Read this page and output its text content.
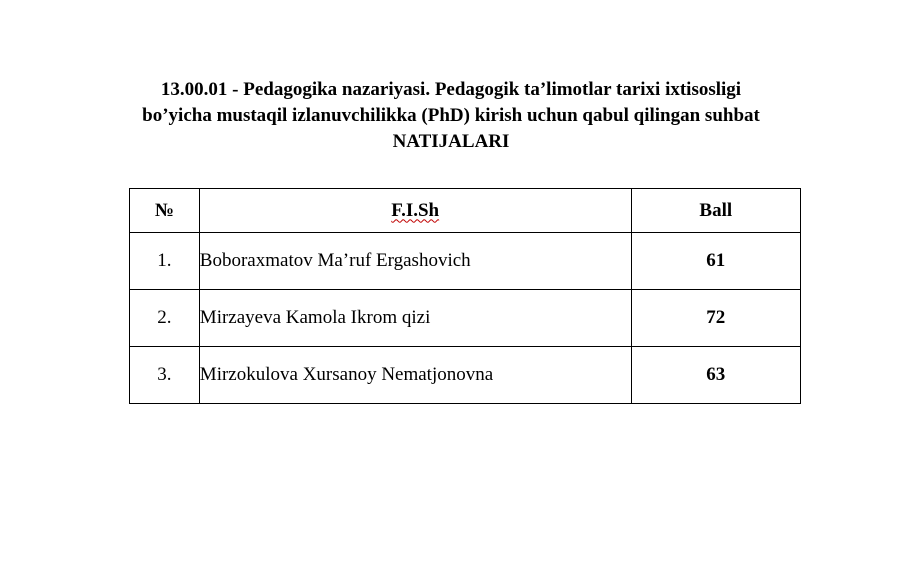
13.00.01 - Pedagogika nazariyasi. Pedagogik ta’limotlar tarixi ixtisosligi
bo’yicha mustaqil izlanuvchilikka (PhD) kirish uchun qabul qilingan suhbat
NATIJALARI
№	F.I.Sh	Ball
1.	Boboraxmatov Ma’ruf Ergashovich	61
2.	Mirzayeva Kamola Ikrom qizi	72
3.	Mirzokulova Xursanoy Nematjonovna	63
